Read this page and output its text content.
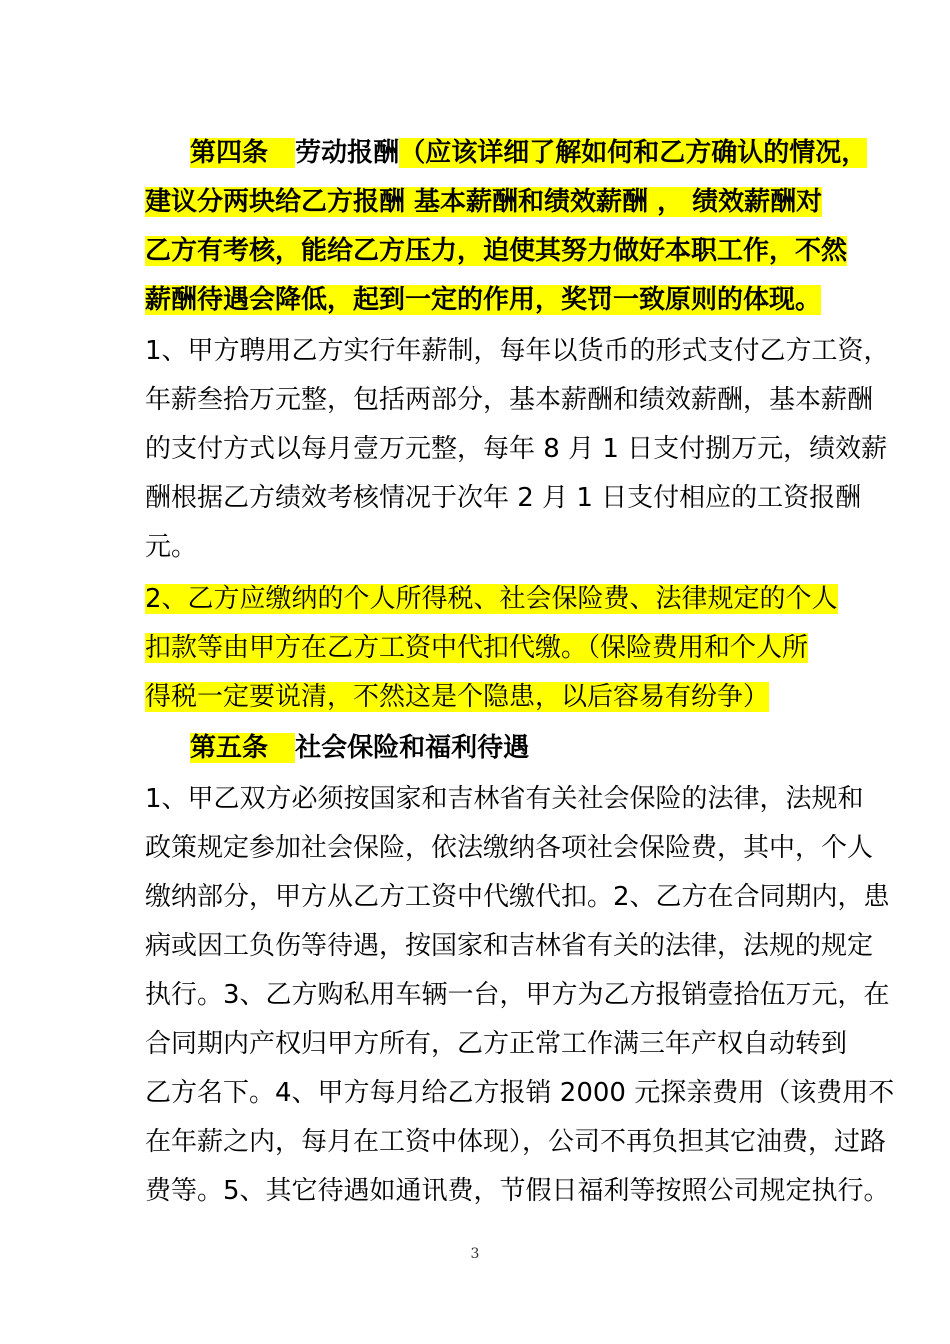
第四条 劳动报酬（应该详细了解如何和乙方确认的情况，
建议分两块给乙方报酬 基本薪酬和绩效薪酬 ， 绩效薪酬对
乙方有考核，能给乙方压力，迫使其努力做好本职工作，不然
薪酬待遇会降低，起到一定的作用，奖罚一致原则的体现。
1、甲方聘用乙方实行年薪制，每年以货币的形式支付乙方工资，
年薪叁拾万元整，包括两部分，基本薪酬和绩效薪酬，基本薪酬
的支付方式以每月壹万元整，每年 8 月 1 日支付捌万元，绩效薪
酬根据乙方绩效考核情况于次年 2 月 1 日支付相应的工资报酬
元。
2、乙方应缴纳的个人所得税、社会保险费、法律规定的个人
扣款等由甲方在乙方工资中代扣代缴。（保险费用和个人所
得税一定要说清，不然这是个隐患，以后容易有纷争）
第五条 社会保险和福利待遇
1、甲乙双方必须按国家和吉林省有关社会保险的法律，法规和
政策规定参加社会保险，依法缴纳各项社会保险费，其中，个人
缴纳部分，甲方从乙方工资中代缴代扣。2、乙方在合同期内，患
病或因工负伤等待遇，按国家和吉林省有关的法律，法规的规定
执行。3、乙方购私用车辆一台，甲方为乙方报销壹拾伍万元，在
合同期内产权归甲方所有，乙方正常工作满三年产权自动转到
乙方名下。4、甲方每月给乙方报销 2000 元探亲费用（该费用不
在年薪之内，每月在工资中体现），公司不再负担其它油费，过路
费等。5、其它待遇如通讯费，节假日福利等按照公司规定执行。
3
